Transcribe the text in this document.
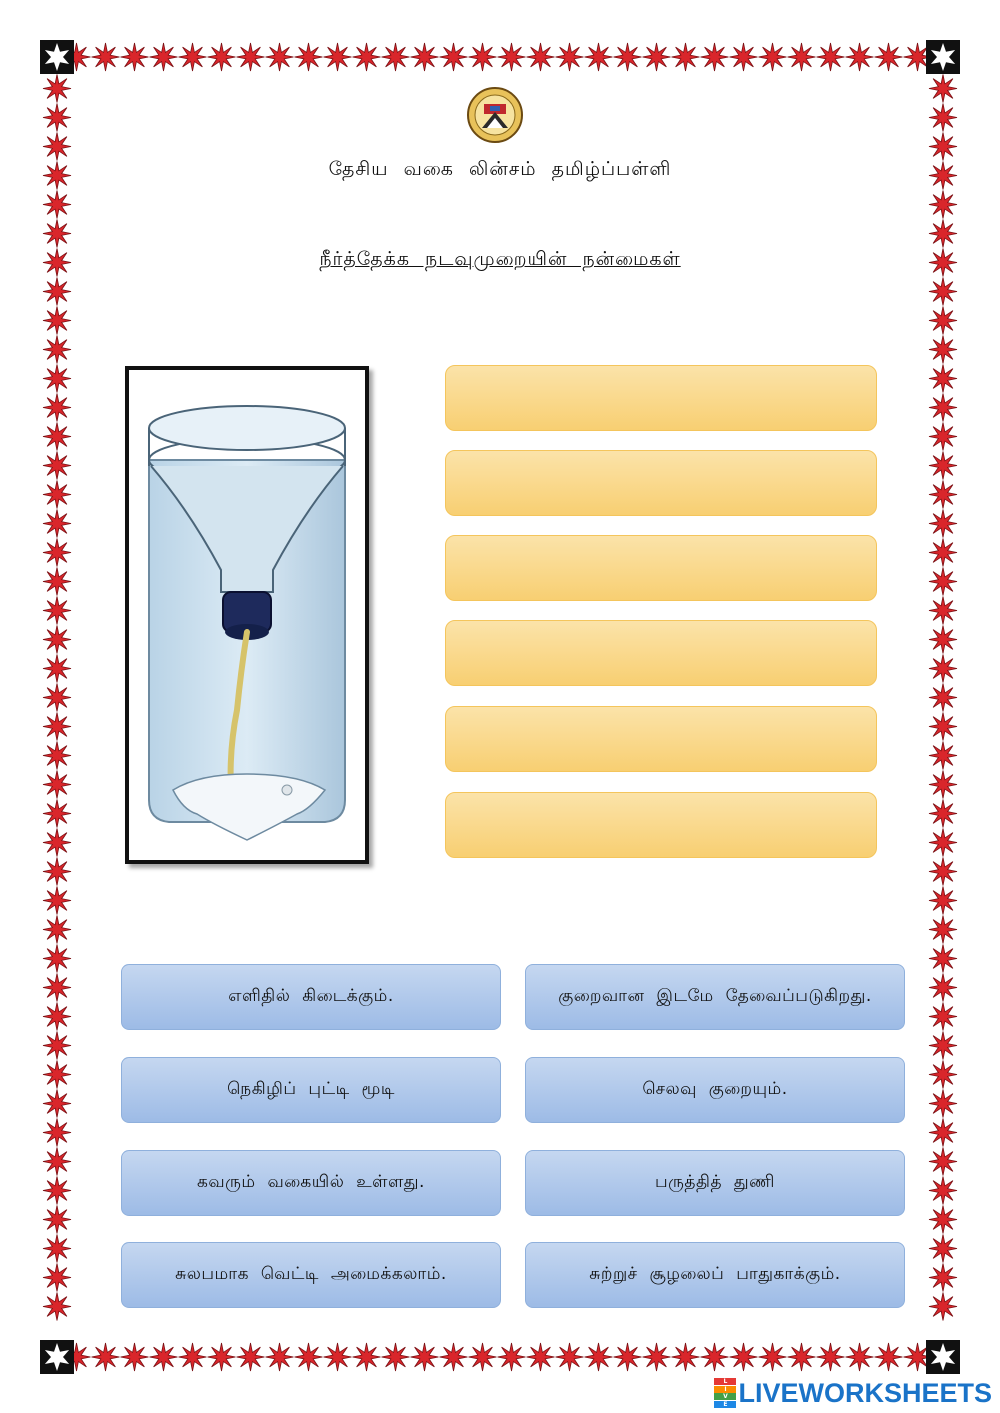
தேசிய வகை லின்சம் தமிழ்ப்பள்ளி
நீர்த்தேக்க நடவுமுறையின் நன்மைகள்
எளிதில் கிடைக்கும்.	குறைவான இடமே தேவைப்படுகிறது.
நெகிழிப் புட்டி மூடி	செலவு குறையும்.
கவரும் வகையில் உள்ளது.	பருத்தித் துணி
சுலபமாக வெட்டி அமைக்கலாம்.	சுற்றுச் சூழலைப் பாதுகாக்கும்.
L
I
V
E LIVEWORKSHEETS
